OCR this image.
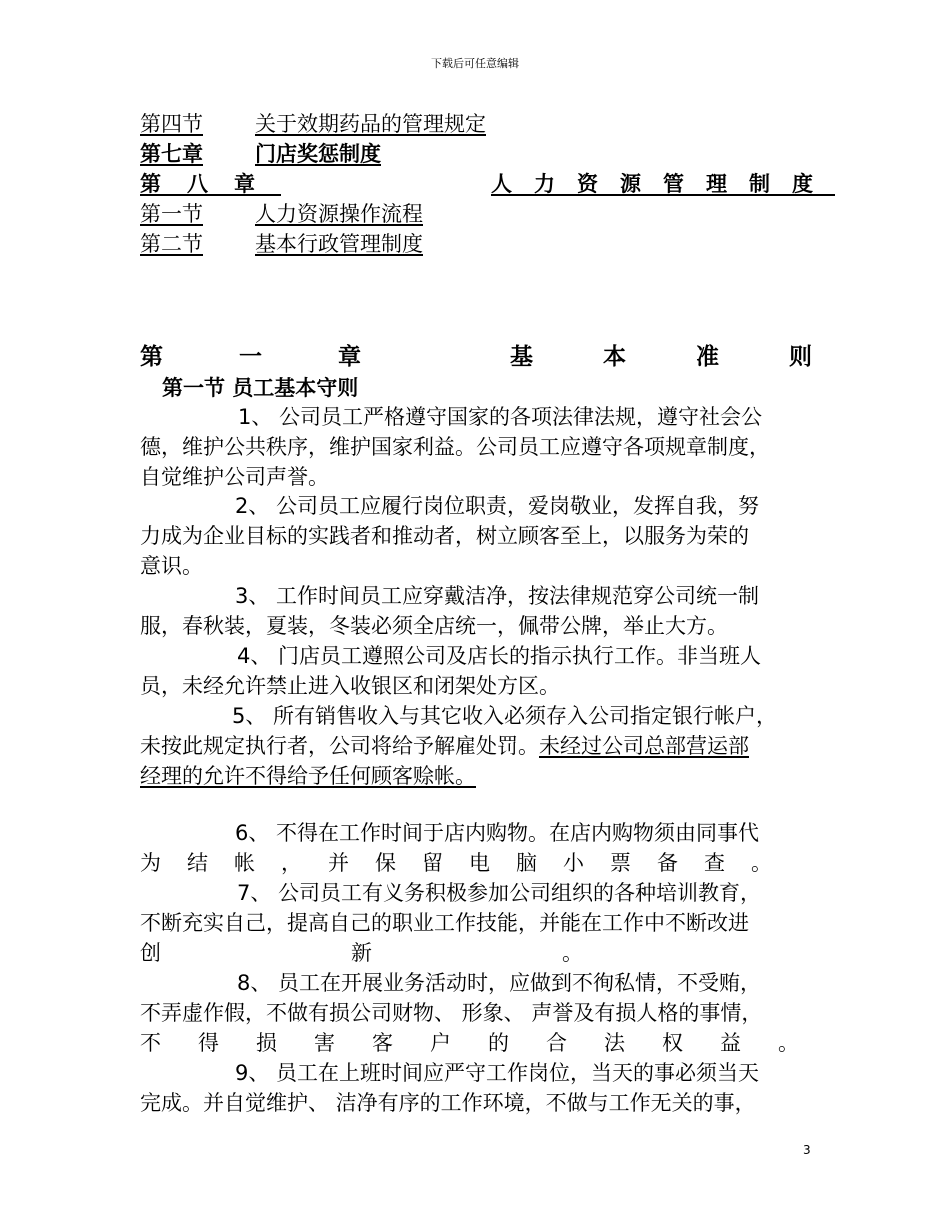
下载后可任意编辑
第四节 关于效期药品的管理规定
第七章 门店奖惩制度
第八章	人力资源管理制度
第一节 人力资源操作流程
第二节 基本行政管理制度
第一章	基本准则
第一节 员工基本守则
1、 公司员工严格遵守国家的各项法律法规，遵守社会公
德，维护公共秩序，维护国家利益。公司员工应遵守各项规章制度，
自觉维护公司声誉。
2、 公司员工应履行岗位职责，爱岗敬业，发挥自我，努
力成为企业目标的实践者和推动者，树立顾客至上，以服务为荣的
意识。
3、 工作时间员工应穿戴洁净，按法律规范穿公司统一制
服，春秋装，夏装，冬装必须全店统一，佩带公牌，举止大方。
4、 门店员工遵照公司及店长的指示执行工作。非当班人
员，未经允许禁止进入收银区和闭架处方区。
5、 所有销售收入与其它收入必须存入公司指定银行帐户，
未按此规定执行者，公司将给予解雇处罚。未经过公司总部营运部
经理的允许不得给予任何顾客赊帐。
6、 不得在工作时间于店内购物。在店内购物须由同事代
为结帐，并保留电脑小票备查。
7、 公司员工有义务积极参加公司组织的各种培训教育，
不断充实自己，提高自己的职业工作技能，并能在工作中不断改进
创新。
8、 员工在开展业务活动时，应做到不徇私情，不受贿，
不弄虚作假，不做有损公司财物、 形象、 声誉及有损人格的事情，
不得损害客户的合法权益。
9、 员工在上班时间应严守工作岗位，当天的事必须当天
完成。并自觉维护、 洁净有序的工作环境，不做与工作无关的事，
3
